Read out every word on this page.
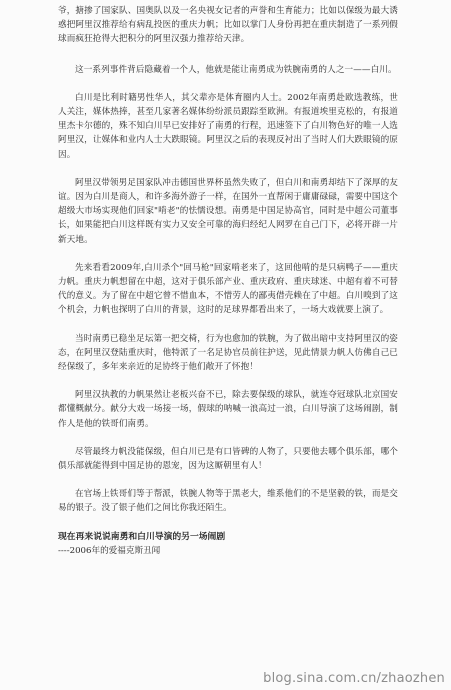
爷，搪掺了国家队、国奥队以及一名央视女记者的声誉和生育能力；比如以保级为最大诱惑把阿里汉推荐给有病乱投医的重庆力帆；比如以掌门人身份再把在重庆制造了一系列假球而疯狂抢得大把积分的阿里汉强力推荐给天津。

这一系列事件背后隐藏着一个人，他就是能让南勇成为铁腕南勇的人之一——白川。

白川是比利时籍男性华人，其父辈亦是体育圈内人士。2002年南勇赴欧选教练，世人关注，媒体热捧，甚至几家著名媒体纷纷派员跟踪至欧洲。有报道埃里克松的，有报道里杰卡尔德的，殊不知白川早已安排好了南勇的行程，迅速签下了白川物色好的唯一人选阿里汉，让媒体和业内人士大跌眼镜。阿里汉之后的表现反衬出了当时人们大跌眼镜的原因。

阿里汉带领男足国家队冲击德国世界杯虽然失败了，但白川和南勇却结下了深厚的友谊。因为白川是商人，和许多海外游子一样，在国外一直帮闲于庸庸碌碌，需要中国这个超级大市场实现他们回家"啃老"的怯懦设想。南勇是中国足协高官，同时是中超公司董事长，如果能把白川这样既有实力又安全可靠的海归经纪人网罗在自己门下，必将开辟一片新天地。

先来看看2009年,白川杀个"回马枪"回家啃老来了，这回他啃的是只病鸭子——重庆力帆。重庆力帆想留在中超，这对于俱乐部产业、重庆政府、重庆球迷、中超有着不可替代的意义。为了留在中超它曾不惜血本，不惜劳人的鄙夷借壳赖在了中超。白川嗅到了这个机会，力帆也探明了白川的背景，这时的足球界都看出来了，一场大戏就要上演了。

当时南勇已稳坐足坛第一把交椅，行为也愈加的铁腕，为了做出暗中支持阿里汉的姿态，在阿里汉登陆重庆时，他特派了一名足协官员前往护送，见此情景力帆人仿佛自己已经保级了，多年来亲近的足协终于他们敞开了怀抱！

阿里汉执教的力帆果然让老板兴奋不已，除去要保级的球队，就连夺冠球队北京国安都懂概献分。献分大戏一场接一场，假球的呐喊一浪高过一浪，白川导演了这场闹剧，制作人是他的铁哥们南勇。

尽管最终力帆没能保级，但白川已是有口皆碑的人物了，只要他去哪个俱乐部，哪个俱乐部就能得到中国足协的恩宠，因为这厮朝里有人！

在官场上铁哥们等于帮派，铁腕人物等于黑老大，维系他们的不是坚毅的铁，而是交易的银子。没了银子他们之间比你我还陌生。

现在再来说说南勇和白川导演的另一场闹剧
----2006年的爱福克斯丑闻
blog.sina.com.cn/zhaozhen
